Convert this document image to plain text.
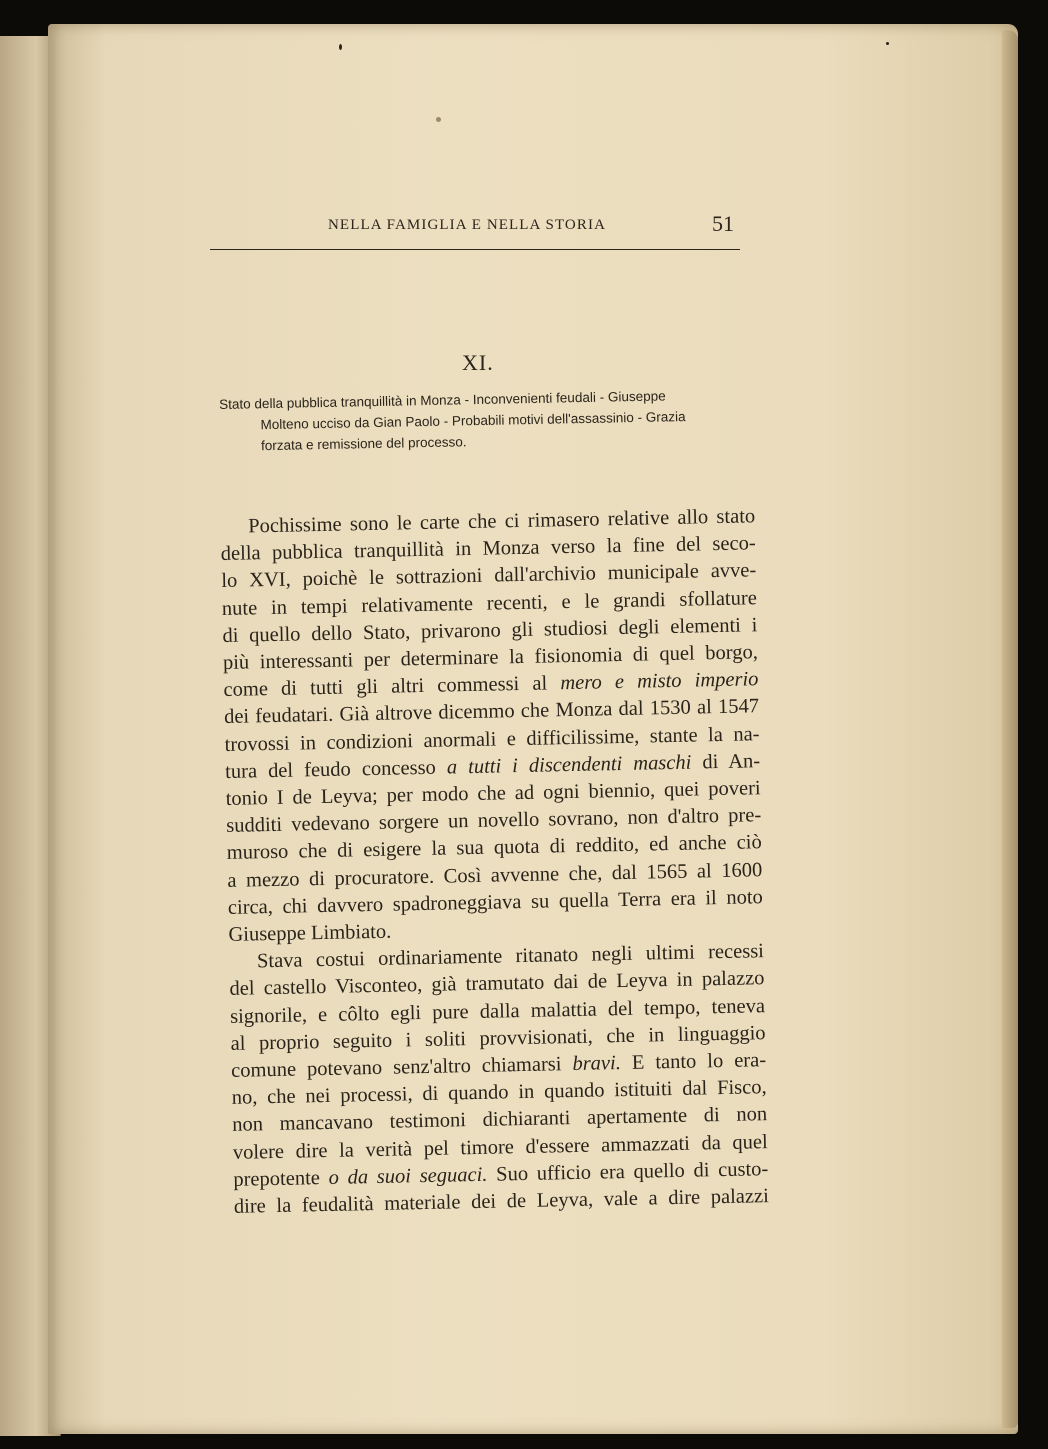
NELLA FAMIGLIA E NELLA STORIA	51
XI.
Stato della pubblica tranquillità in Monza - Inconvenienti feudali - Giuseppe
Molteno ucciso da Gian Paolo - Probabili motivi dell'assassinio - Grazia
forzata e remissione del processo.
Pochissime sono le carte che ci rimasero relative allo stato
della pubblica tranquillità in Monza verso la fine del seco-
lo XVI, poichè le sottrazioni dall'archivio municipale avve-
nute in tempi relativamente recenti, e le grandi sfollature
di quello dello Stato, privarono gli studiosi degli elementi i
più interessanti per determinare la fisionomia di quel borgo,
come di tutti gli altri commessi al mero e misto imperio
dei feudatari. Già altrove dicemmo che Monza dal 1530 al 1547
trovossi in condizioni anormali e difficilissime, stante la na-
tura del feudo concesso a tutti i discendenti maschi di An-
tonio I de Leyva; per modo che ad ogni biennio, quei poveri
sudditi vedevano sorgere un novello sovrano, non d'altro pre-
muroso che di esigere la sua quota di reddito, ed anche ciò
a mezzo di procuratore. Così avvenne che, dal 1565 al 1600
circa, chi davvero spadroneggiava su quella Terra era il noto
Giuseppe Limbiato.
Stava costui ordinariamente ritanato negli ultimi recessi
del castello Visconteo, già tramutato dai de Leyva in palazzo
signorile, e côlto egli pure dalla malattia del tempo, teneva
al proprio seguito i soliti provvisionati, che in linguaggio
comune potevano senz'altro chiamarsi bravi. E tanto lo era-
no, che nei processi, di quando in quando istituiti dal Fisco,
non mancavano testimoni dichiaranti apertamente di non
volere dire la verità pel timore d'essere ammazzati da quel
prepotente o da suoi seguaci. Suo ufficio era quello di custo-
dire la feudalità materiale dei de Leyva, vale a dire palazzi
